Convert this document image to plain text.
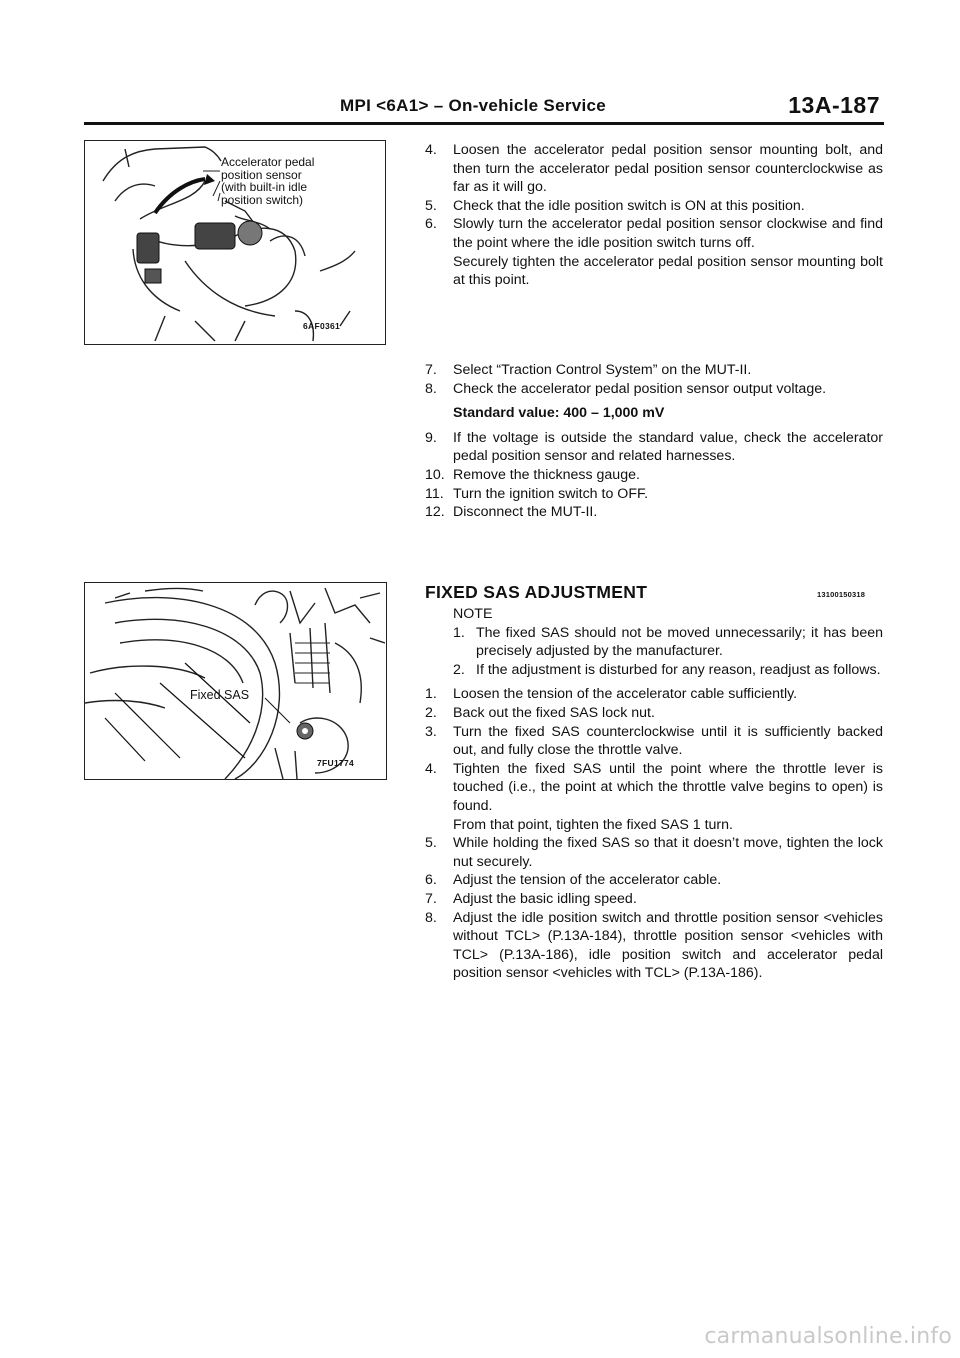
MPI <6A1> – On-vehicle Service	13A-187
Accelerator pedal
position sensor
(with built-in idle
position switch)
6AF0361
4.	Loosen the accelerator pedal position sensor mounting bolt, and then turn the accelerator pedal position sensor counterclockwise as far as it will go.
5.	Check that the idle position switch is ON at this position.
6.	Slowly turn the accelerator pedal position sensor clockwise and find the point where the idle position switch turns off.
Securely tighten the accelerator pedal position sensor mounting bolt at this point.
7.	Select “Traction Control System” on the MUT-II.
8.	Check the accelerator pedal position sensor output voltage.
Standard value: 400 – 1,000 mV
9.	If the voltage is outside the standard value, check the accelerator pedal position sensor and related harnesses.
10. Remove the thickness gauge.
11. Turn the ignition switch to OFF.
12. Disconnect the MUT-II.
Fixed SAS
7FU1774
FIXED SAS ADJUSTMENT	13100150318
NOTE
1. The fixed SAS should not be moved unnecessarily; it has been precisely adjusted by the manufacturer.
2. If the adjustment is disturbed for any reason, readjust as follows.
1.	Loosen the tension of the accelerator cable sufficiently.
2.	Back out the fixed SAS lock nut.
3.	Turn the fixed SAS counterclockwise until it is sufficiently backed out, and fully close the throttle valve.
4.	Tighten the fixed SAS until the point where the throttle lever is touched (i.e., the point at which the throttle valve begins to open) is found.
From that point, tighten the fixed SAS 1 turn.
5.	While holding the fixed SAS so that it doesn’t move, tighten the lock nut securely.
6.	Adjust the tension of the accelerator cable.
7.	Adjust the basic idling speed.
8.	Adjust the idle position switch and throttle position sensor <vehicles without TCL> (P.13A-184), throttle position sensor <vehicles with TCL> (P.13A-186), idle position switch and accelerator pedal position sensor <vehicles with TCL> (P.13A-186).
carmanualsonline.info
